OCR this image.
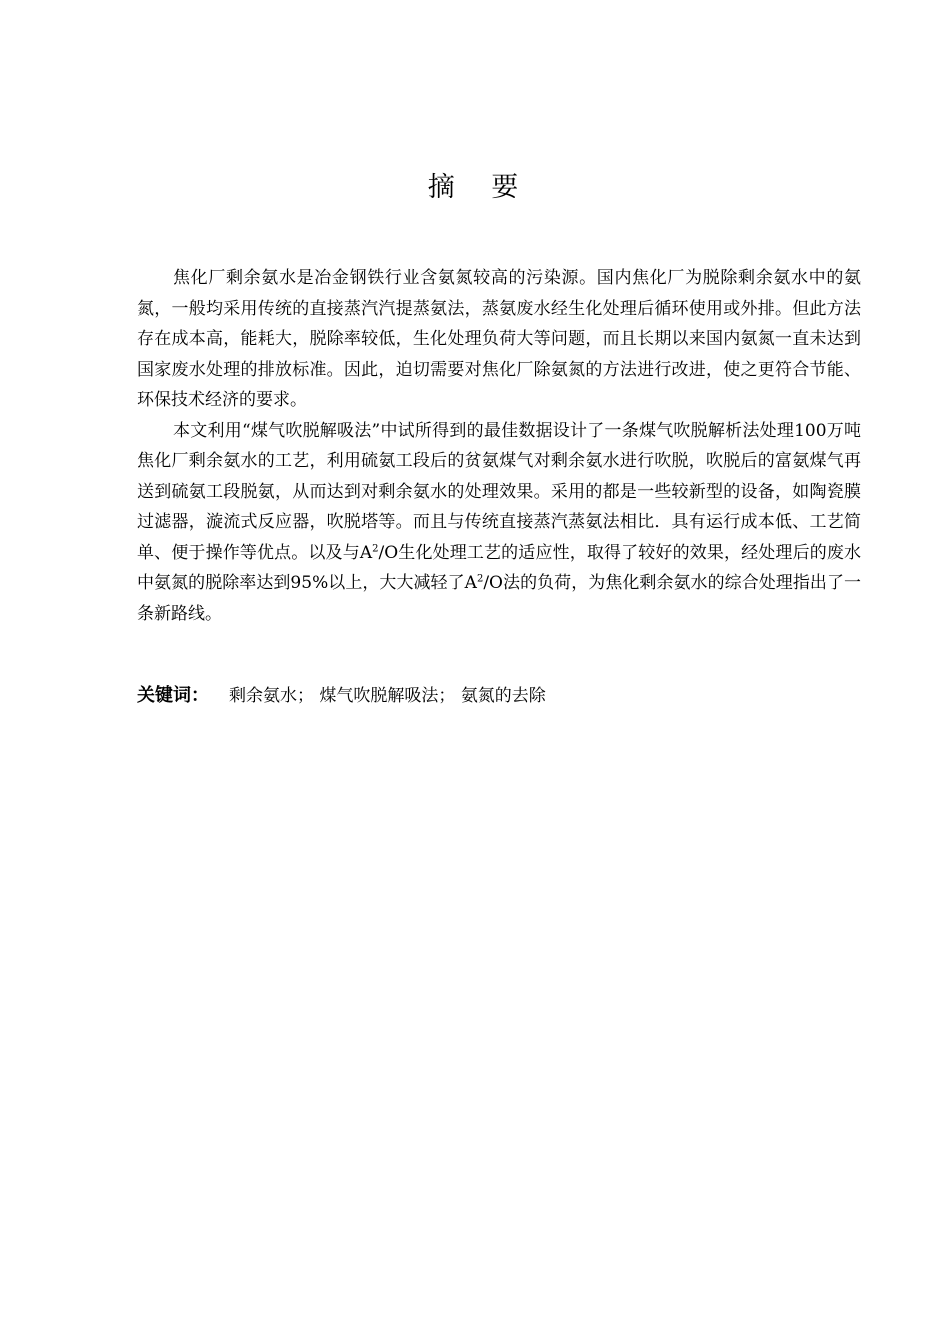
摘 要

焦化厂剩余氨水是冶金钢铁行业含氨氮较高的污染源。国内焦化厂为脱除剩余氨水中的氨氮，一般均采用传统的直接蒸汽汽提蒸氨法，蒸氨废水经生化处理后循环使用或外排。但此方法存在成本高，能耗大，脱除率较低，生化处理负荷大等问题，而且长期以来国内氨氮一直未达到国家废水处理的排放标准。因此，迫切需要对焦化厂除氨氮的方法进行改进，使之更符合节能、环保技术经济的要求。

本文利用“煤气吹脱解吸法”中试所得到的最佳数据设计了一条煤气吹脱解析法处理100万吨焦化厂剩余氨水的工艺，利用硫氨工段后的贫氨煤气对剩余氨水进行吹脱，吹脱后的富氨煤气再送到硫氨工段脱氨，从而达到对剩余氨水的处理效果。采用的都是一些较新型的设备，如陶瓷膜过滤器，漩流式反应器，吹脱塔等。而且与传统直接蒸汽蒸氨法相比．具有运行成本低、工艺简单、便于操作等优点。以及与$A^2/O$生化处理工艺的适应性，取得了较好的效果，经处理后的废水中氨氮的脱除率达到95%以上，大大减轻了$A^2/O$法的负荷，为焦化剩余氨水的综合处理指出了一条新路线。

关键词： 剩余氨水； 煤气吹脱解吸法； 氨氮的去除
